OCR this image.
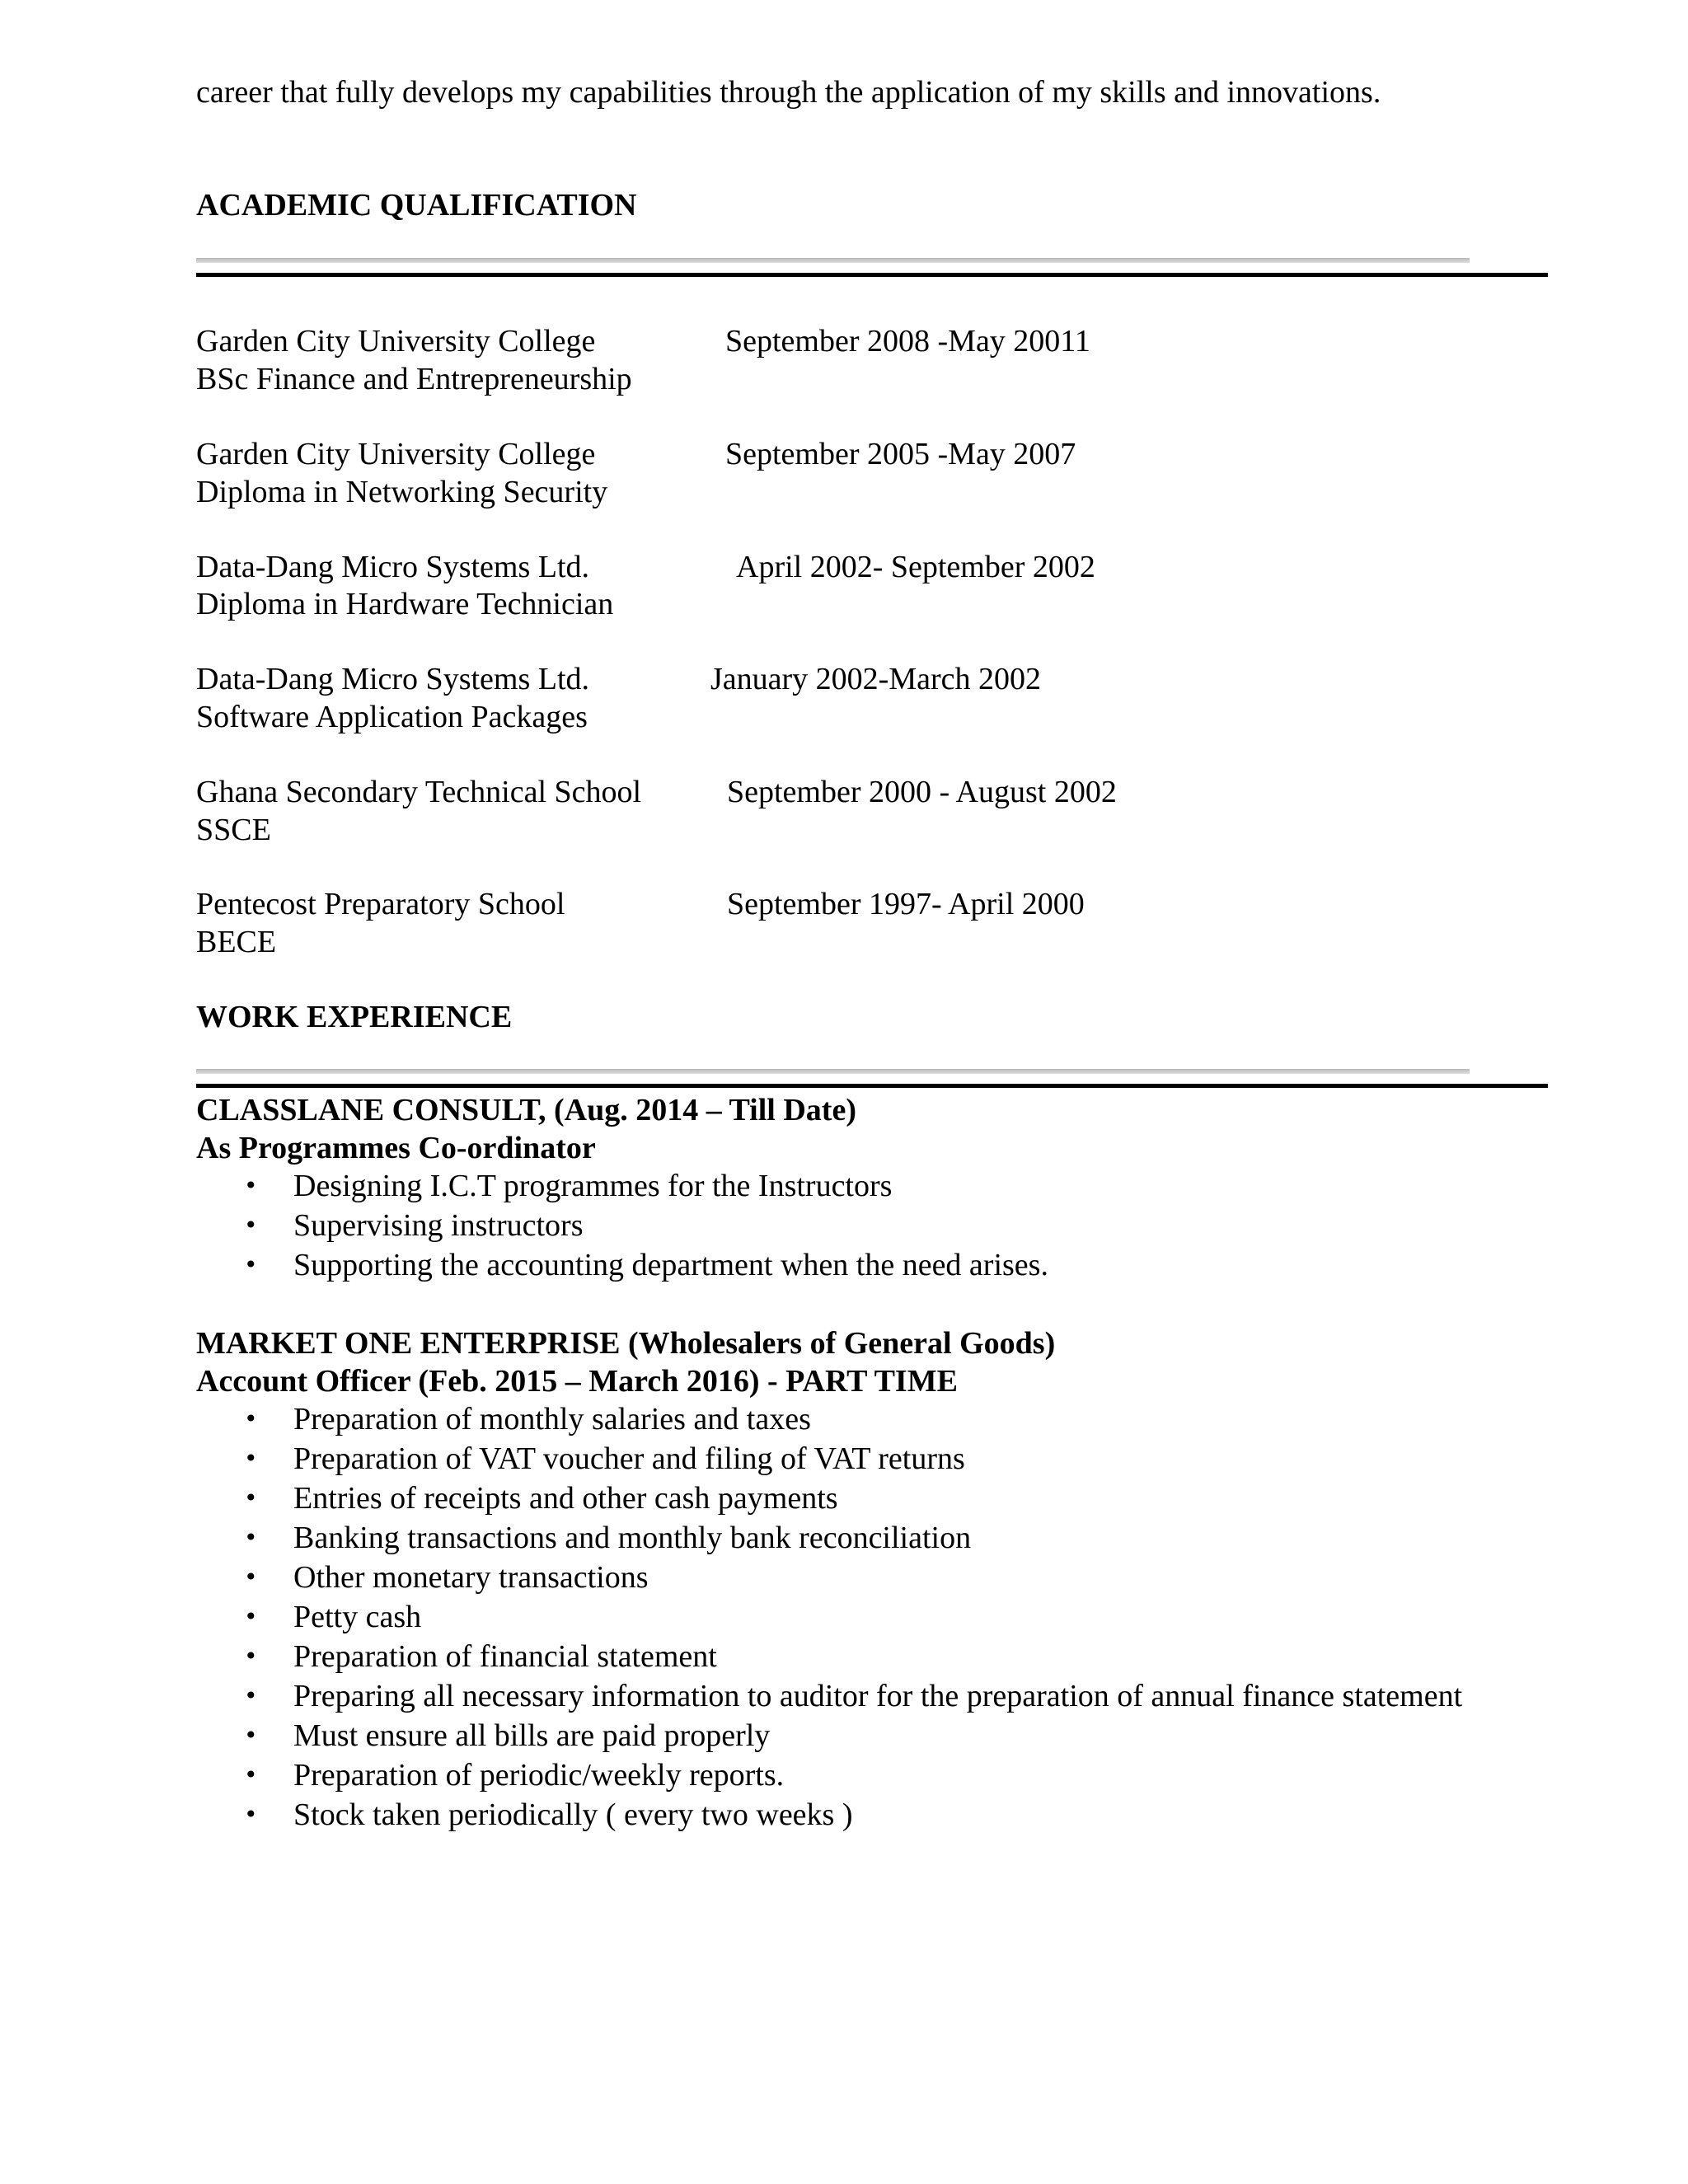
career that fully develops my capabilities through the application of my skills and innovations.
ACADEMIC QUALIFICATION
Garden City University College	September 2008 -May 20011
BSc Finance and Entrepreneurship
Garden City University College	September 2005 -May 2007
Diploma in Networking Security
Data-Dang Micro Systems Ltd.	April 2002- September 2002
Diploma in Hardware Technician
Data-Dang Micro Systems Ltd.	January 2002-March 2002
Software Application Packages
Ghana Secondary Technical School	September 2000 - August 2002
SSCE
Pentecost Preparatory School	September 1997- April 2000
BECE
WORK EXPERIENCE
CLASSLANE CONSULT, (Aug. 2014 – Till Date)
As Programmes Co-ordinator
• Designing I.C.T programmes for the Instructors
• Supervising instructors
• Supporting the accounting department when the need arises.
MARKET ONE ENTERPRISE (Wholesalers of General Goods)
Account Officer (Feb. 2015 – March 2016) - PART TIME
• Preparation of monthly salaries and taxes
• Preparation of VAT voucher and filing of VAT returns
• Entries of receipts and other cash payments
• Banking transactions and monthly bank reconciliation
• Other monetary transactions
• Petty cash
• Preparation of financial statement
• Preparing all necessary information to auditor for the preparation of annual finance statement
• Must ensure all bills are paid properly
• Preparation of periodic/weekly reports.
• Stock taken periodically ( every two weeks )
